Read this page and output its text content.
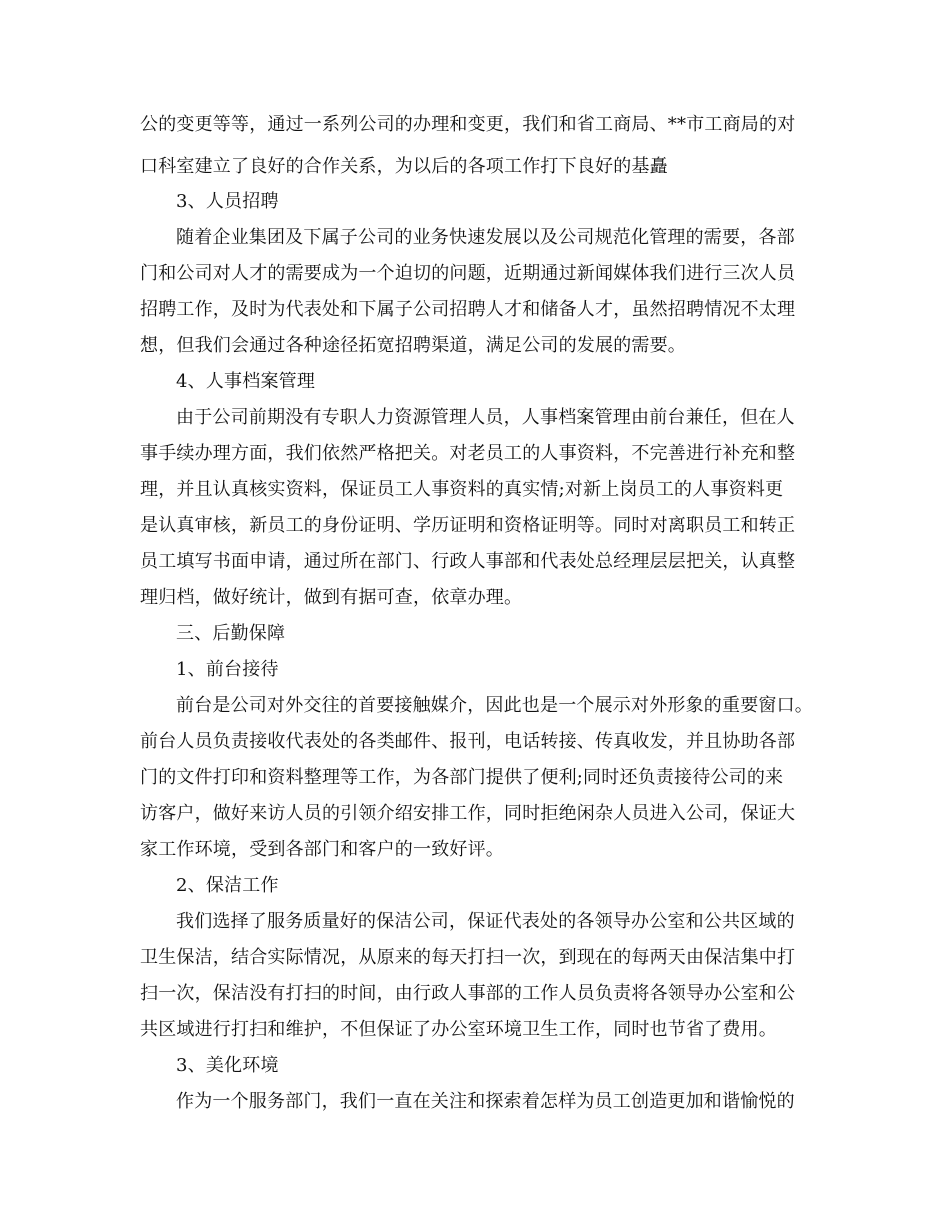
公的变更等等，通过一系列公司的办理和变更，我们和省工商局、**市工商局的对
口科室建立了良好的合作关系，为以后的各项工作打下良好的基矗
3、人员招聘
随着企业集团及下属子公司的业务快速发展以及公司规范化管理的需要，各部
门和公司对人才的需要成为一个迫切的问题，近期通过新闻媒体我们进行三次人员
招聘工作，及时为代表处和下属子公司招聘人才和储备人才，虽然招聘情况不太理
想，但我们会通过各种途径拓宽招聘渠道，满足公司的发展的需要。
4、人事档案管理
由于公司前期没有专职人力资源管理人员，人事档案管理由前台兼任，但在人
事手续办理方面，我们依然严格把关。对老员工的人事资料，不完善进行补充和整
理，并且认真核实资料，保证员工人事资料的真实情;对新上岗员工的人事资料更
是认真审核，新员工的身份证明、学历证明和资格证明等。同时对离职员工和转正
员工填写书面申请，通过所在部门、行政人事部和代表处总经理层层把关，认真整
理归档，做好统计，做到有据可查，依章办理。
三、后勤保障
1、前台接待
前台是公司对外交往的首要接触媒介，因此也是一个展示对外形象的重要窗口。
前台人员负责接收代表处的各类邮件、报刊，电话转接、传真收发，并且协助各部
门的文件打印和资料整理等工作，为各部门提供了便利;同时还负责接待公司的来
访客户，做好来访人员的引领介绍安排工作，同时拒绝闲杂人员进入公司，保证大
家工作环境，受到各部门和客户的一致好评。
2、保洁工作
我们选择了服务质量好的保洁公司，保证代表处的各领导办公室和公共区域的
卫生保洁，结合实际情况，从原来的每天打扫一次，到现在的每两天由保洁集中打
扫一次，保洁没有打扫的时间，由行政人事部的工作人员负责将各领导办公室和公
共区域进行打扫和维护，不但保证了办公室环境卫生工作，同时也节省了费用。
3、美化环境
作为一个服务部门，我们一直在关注和探索着怎样为员工创造更加和谐愉悦的
